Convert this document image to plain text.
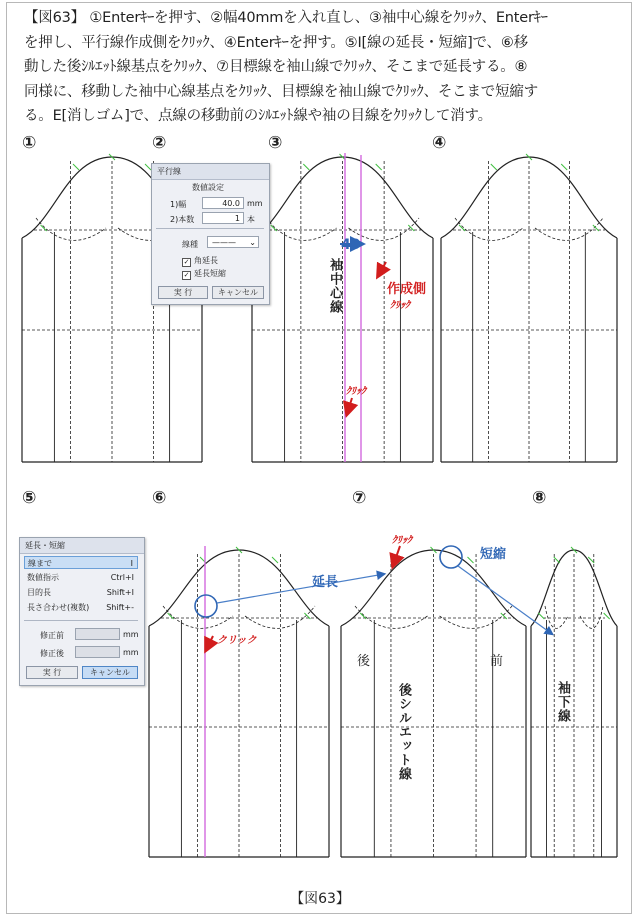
【図63】 ①Enterｷｰを押す、②幅40mmを入れ直し、③袖中心線をｸﾘｯｸ、Enterｷｰ
を押し、平行線作成側をｸﾘｯｸ、④Enterｷｰを押す。⑤I[線の延長・短縮]で、⑥移
動した後ｼﾙｴｯﾄ線基点をｸﾘｯｸ、⑦目標線を袖山線でｸﾘｯｸ、そこまで延長する。⑧
同様に、移動した袖中心線基点をｸﾘｯｸ、目標線を袖山線でｸﾘｯｸ、そこまで短縮す
る。E[消しゴム]で、点線の移動前のｼﾙｴｯﾄ線や袖の目線をｸﾘｯｸして消す。
①	②	③	④
⑤	⑥	⑦	⑧
平行線
数値設定
1)幅	40.0 mm
2)本数	1 本
線種	——— ⌄
✓ 角延長
✓ 延長短縮
実 行	キャンセル
延長・短縮
線まで	I
数値指示	Ctrl+I
目的長	Shift+I
長さ合わせ(複数) Shift+-
修正前	mm
修正後	mm
実 行	キャンセル
40
袖中心線	作成側
ｸﾘｯｸ
ｸﾘｯｸ
クリック
延長
ｸﾘｯｸ
短縮
後	前
後シルエット線	袖下線
【図63】
